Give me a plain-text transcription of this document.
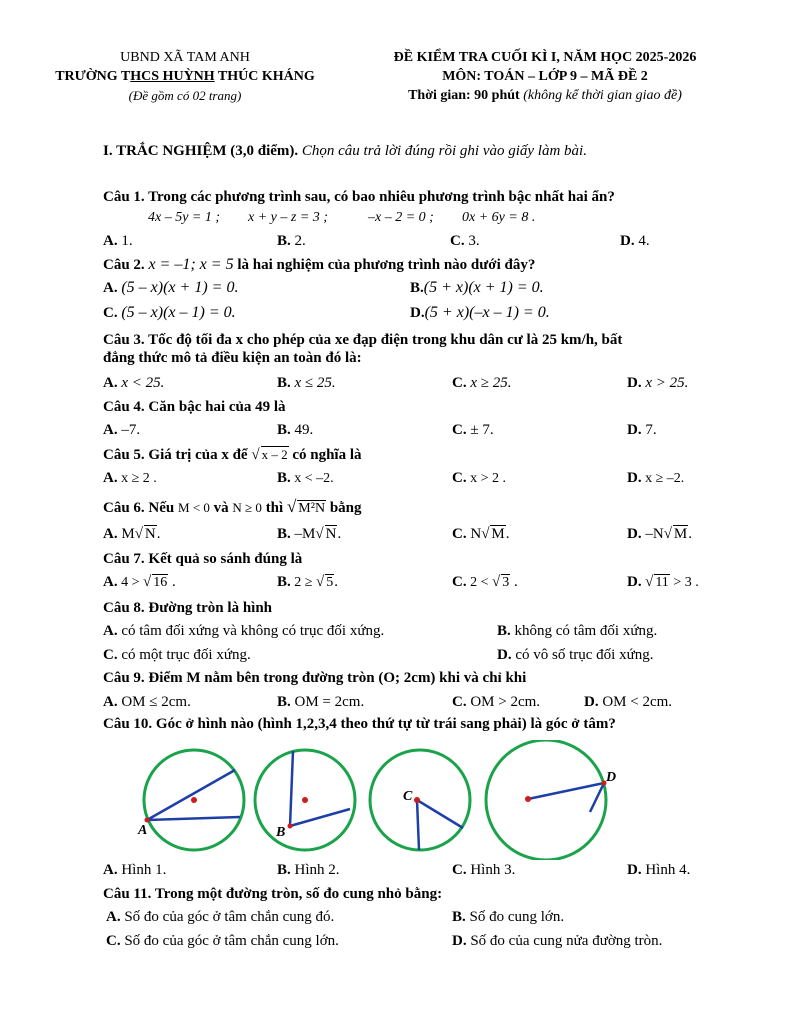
UBND XÃ TAM ANH
TRƯỜNG THCS HUỲNH THÚC KHÁNG
(Đề gồm có 02 trang)
ĐỀ KIỂM TRA CUỐI KÌ I, NĂM HỌC 2025-2026
MÔN: TOÁN – LỚP 9 – MÃ ĐỀ 2
Thời gian: 90 phút (không kể thời gian giao đề)
I. TRẮC NGHIỆM (3,0 điểm). Chọn câu trả lời đúng rồi ghi vào giấy làm bài.
Câu 1. Trong các phương trình sau, có bao nhiêu phương trình bậc nhất hai ẩn?
4x – 5y = 1 ; x + y – z = 3 ;	–x – 2 = 0 ; 0x + 6y = 8 .
A. 1.	B. 2.	C. 3.	D. 4.
Câu 2. x = –1; x = 5 là hai nghiệm của phương trình nào dưới đây?
A. (5 – x)(x + 1) = 0.	B.(5 + x)(x + 1) = 0.
C. (5 – x)(x – 1) = 0.	D.(5 + x)(–x – 1) = 0.
Câu 3. Tốc độ tối đa x cho phép của xe đạp điện trong khu dân cư là 25 km/h, bất
đẳng thức mô tả điều kiện an toàn đó là:
A. x < 25.	B. x ≤ 25.	C. x ≥ 25.	D. x > 25.
Câu 4. Căn bậc hai của 49 là
A. –7.	B. 49.	C. ± 7.	D. 7.
Câu 5. Giá trị của x để √ x – 2 có nghĩa là
A. x ≥ 2 .	B. x < –2.	C. x > 2 .	D. x ≥ –2.
Câu 6. Nếu M < 0 và N ≥ 0 thì √ M²N bằng
A. M √ N.	B. –M √ N.	C. N √ M.	D. –N √ M.
Câu 7. Kết quả so sánh đúng là
A. 4 > √ 16 .	B. 2 ≥ √ 5.	C. 2 < √ 3 .	D. √ 11 > 3 .
Câu 8. Đường tròn là hình
A. có tâm đối xứng và không có trục đối xứng.	B. không có tâm đối xứng.
C. có một trục đối xứng.	D. có vô số trục đối xứng.
Câu 9. Điểm M nằm bên trong đường tròn (O; 2cm) khi và chỉ khi
A. OM ≤ 2cm.	B. OM = 2cm.	C. OM > 2cm.	D. OM < 2cm.
Câu 10. Góc ở hình nào (hình 1,2,3,4 theo thứ tự từ trái sang phải) là góc ở tâm?
A	B
C
D
A. Hình 1.	B. Hình 2.	C. Hình 3.	D. Hình 4.
Câu 11. Trong một đường tròn, số đo cung nhỏ bằng:
A. Số đo của góc ở tâm chắn cung đó.	B. Số đo cung lớn.
C. Số đo của góc ở tâm chắn cung lớn.	D. Số đo của cung nửa đường tròn.
